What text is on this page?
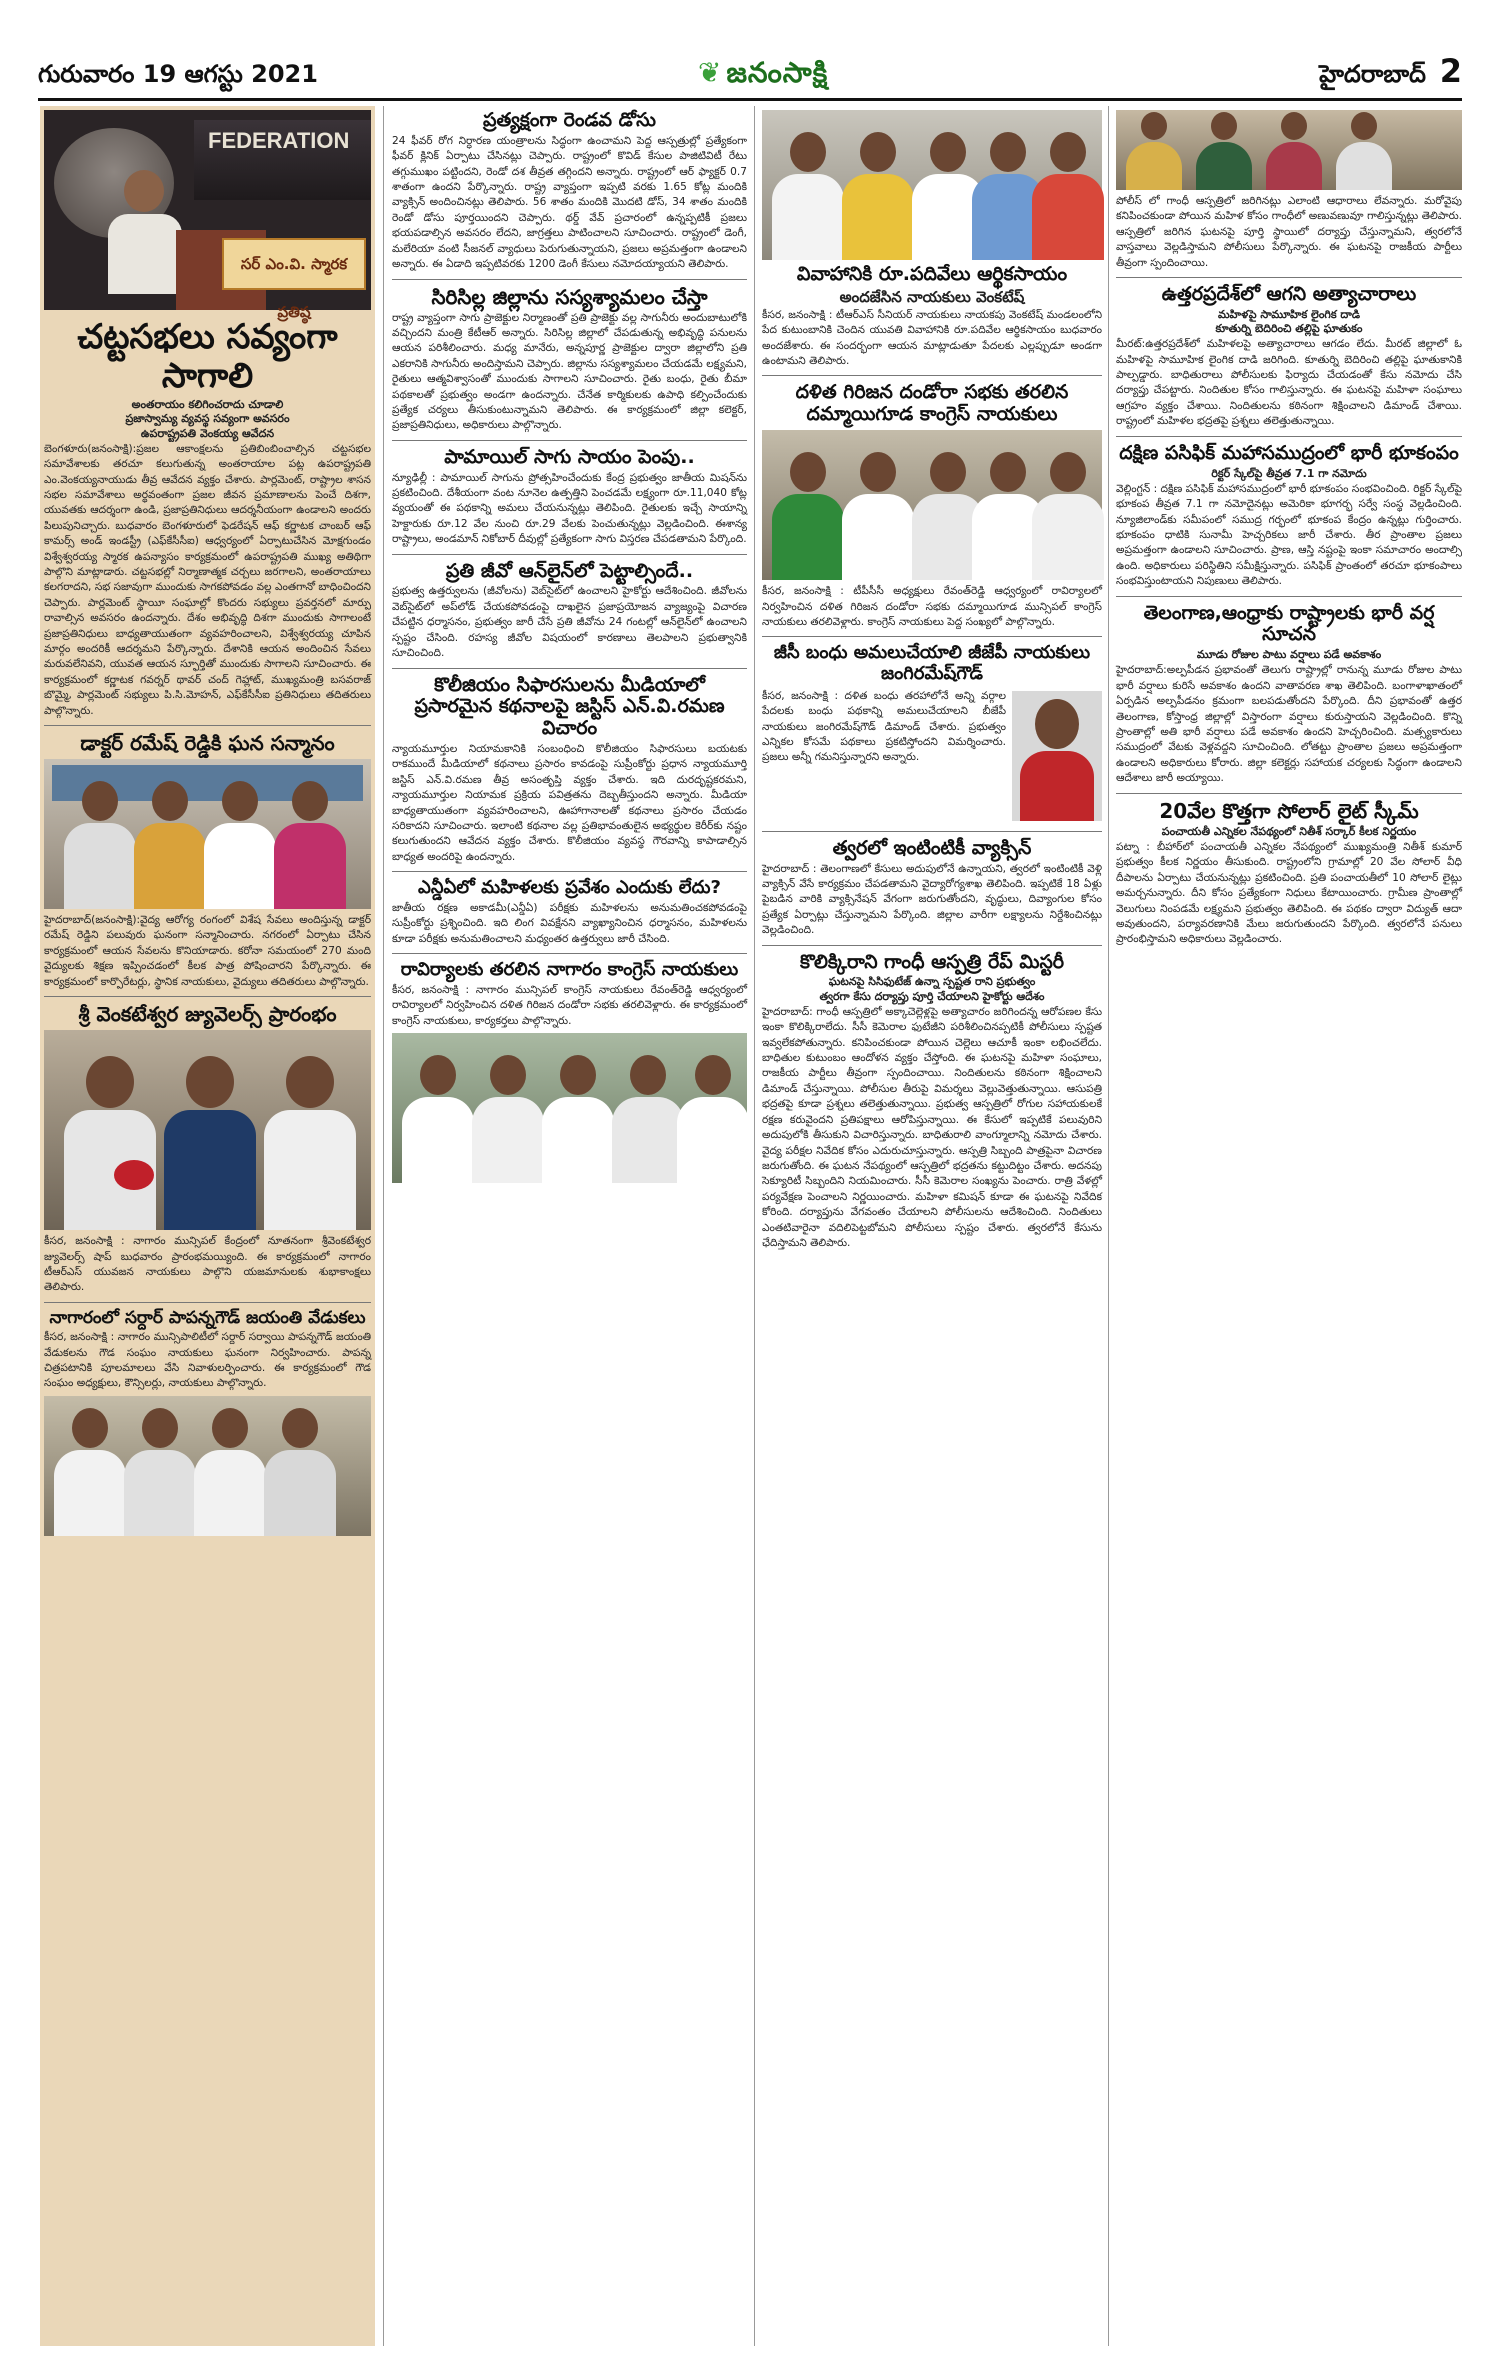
గురువారం 19 ఆగస్టు 2021	❦ జనంసాక్షి	హైదరాబాద్ 2
FEDERATION
సర్ ఎం.వి. స్మారక ప్రతిష్ఠ
చట్టసభలు సవ్యంగా సాగాలి
అంతరాయం కలిగించరాదు చూడాలి
ప్రజాస్వామ్య వ్యవస్థ సవ్యంగా అవసరం
ఉపరాష్ట్రపతి వెంకయ్య ఆవేదన
బెంగళూరు(జనంసాక్షి):ప్రజల ఆకాంక్షలను ప్రతిబింబించాల్సిన చట్టసభల సమావేశాలకు తరచూ కలుగుతున్న అంతరాయాల పట్ల ఉపరాష్ట్రపతి ఎం.వెంకయ్యనాయుడు తీవ్ర ఆవేదన వ్యక్తం చేశారు. పార్లమెంట్, రాష్ట్రాల శాసన సభల సమావేశాలు అర్థవంతంగా ప్రజల జీవన ప్రమాణాలను పెంచే దిశగా, యువతకు ఆదర్శంగా ఉండి, ప్రజాప్రతినిధులు ఆదర్శనీయంగా ఉండాలని అందరు పిలుపునిచ్చారు. బుధవారం బెంగళూరులో ఫెడరేషన్ ఆఫ్ కర్ణాటక చాంబర్ ఆఫ్ కామర్స్ అండ్ ఇండస్ట్రీ (ఎఫ్‌కేసీసీఐ) ఆధ్వర్యంలో ఏర్పాటుచేసిన మోక్షగుండం విశ్వేశ్వరయ్య స్మారక ఉపన్యాసం కార్యక్రమంలో ఉపరాష్ట్రపతి ముఖ్య అతిథిగా పాల్గొని మాట్లాడారు. చట్టసభల్లో నిర్మాణాత్మక చర్చలు జరగాలని, అంతరాయాలు కలగరాదని, సభ సజావుగా ముందుకు సాగకపోవడం వల్ల ఎంతగానో బాధించిందని చెప్పారు. పార్లమెంట్ స్థాయీ సంఘాల్లో కొందరు సభ్యులు ప్రవర్తనలో మార్పు రావాల్సిన అవసరం ఉందన్నారు. దేశం అభివృద్ధి దిశగా ముందుకు సాగాలంటే ప్రజాప్రతినిధులు బాధ్యతాయుతంగా వ్యవహరించాలని, విశ్వేశ్వరయ్య చూపిన మార్గం అందరికీ ఆదర్శమని పేర్కొన్నారు. దేశానికి ఆయన అందించిన సేవలు మరువలేనివని, యువత ఆయన స్ఫూర్తితో ముందుకు సాగాలని సూచించారు. ఈ కార్యక్రమంలో కర్ణాటక గవర్నర్ థావర్ చంద్ గెహ్లాట్, ముఖ్యమంత్రి బసవరాజ్ బొమ్మై, పార్లమెంట్ సభ్యులు పి.సి.మోహన్, ఎఫ్‌కేసీసీఐ ప్రతినిధులు తదితరులు పాల్గొన్నారు.
డాక్టర్ రమేష్ రెడ్డికి ఘన సన్మానం
హైదరాబాద్(జనంసాక్షి):వైద్య ఆరోగ్య రంగంలో విశేష సేవలు అందిస్తున్న డాక్టర్ రమేష్ రెడ్డిని పలువురు ఘనంగా సన్మానించారు. నగరంలో ఏర్పాటు చేసిన కార్యక్రమంలో ఆయన సేవలను కొనియాడారు. కరోనా సమయంలో 270 మంది వైద్యులకు శిక్షణ ఇప్పించడంలో కీలక పాత్ర పోషించారని పేర్కొన్నారు. ఈ కార్యక్రమంలో కార్పొరేటర్లు, స్థానిక నాయకులు, వైద్యులు తదితరులు పాల్గొన్నారు.
శ్రీ వెంకటేశ్వర జ్యువెలర్స్ ప్రారంభం
కీసర, జనంసాక్షి : నాగారం మున్సిపల్ కేంద్రంలో నూతనంగా శ్రీవెంకటేశ్వర జ్యువెలర్స్ షాప్ బుధవారం ప్రారంభమయ్యింది. ఈ కార్యక్రమంలో నాగారం టీఆర్ఎస్ యువజన నాయకులు పాల్గొని యజమానులకు శుభాకాంక్షలు తెలిపారు.
నాగారంలో సర్దార్ పాపన్నగౌడ్ జయంతి వేడుకలు
కీసర, జనంసాక్షి : నాగారం మున్సిపాలిటీలో సర్దార్ సర్వాయి పాపన్నగౌడ్ జయంతి వేడుకలను గౌడ సంఘం నాయకులు ఘనంగా నిర్వహించారు. పాపన్న చిత్రపటానికి పూలమాలలు వేసి నివాళులర్పించారు. ఈ కార్యక్రమంలో గౌడ సంఘం అధ్యక్షులు, కౌన్సిలర్లు, నాయకులు పాల్గొన్నారు.
ప్రత్యక్షంగా రెండవ డోసు
24 ఫీవర్ రోగ నిర్ధారణ యంత్రాలను సిద్ధంగా ఉంచామని పెద్ద ఆస్పత్రుల్లో ప్రత్యేకంగా ఫీవర్ క్లినిక్ ఏర్పాటు చేసినట్లు చెప్పారు. రాష్ట్రంలో కొవిడ్ కేసుల పాజిటివిటీ రేటు తగ్గుముఖం పట్టిందని, రెండో దశ తీవ్రత తగ్గిందని అన్నారు. రాష్ట్రంలో ఆర్ ఫ్యాక్టర్ 0.7 శాతంగా ఉందని పేర్కొన్నారు. రాష్ట్ర వ్యాప్తంగా ఇప్పటి వరకు 1.65 కోట్ల మందికి వ్యాక్సిన్ అందించినట్లు తెలిపారు. 56 శాతం మందికి మొదటి డోస్, 34 శాతం మందికి రెండో డోసు పూర్తయిందని చెప్పారు. థర్డ్ వేవ్ ప్రచారంలో ఉన్నప్పటికీ ప్రజలు భయపడాల్సిన అవసరం లేదని, జాగ్రత్తలు పాటించాలని సూచించారు. రాష్ట్రంలో డెంగీ, మలేరియా వంటి సీజనల్ వ్యాధులు పెరుగుతున్నాయని, ప్రజలు అప్రమత్తంగా ఉండాలని అన్నారు. ఈ ఏడాది ఇప్పటివరకు 1200 డెంగీ కేసులు నమోదయ్యాయని తెలిపారు.
సిరిసిల్ల జిల్లాను సస్యశ్యామలం చేస్తా
రాష్ట్ర వ్యాప్తంగా సాగు ప్రాజెక్టుల నిర్మాణంతో ప్రతి ప్రాజెక్టు వల్ల సాగునీరు అందుబాటులోకి వచ్చిందని మంత్రి కేటీఆర్ అన్నారు. సిరిసిల్ల జిల్లాలో చేపడుతున్న అభివృద్ధి పనులను ఆయన పరిశీలించారు. మధ్య మానేరు, అన్నపూర్ణ ప్రాజెక్టుల ద్వారా జిల్లాలోని ప్రతి ఎకరానికి సాగునీరు అందిస్తామని చెప్పారు. జిల్లాను సస్యశ్యామలం చేయడమే లక్ష్యమని, రైతులు ఆత్మవిశ్వాసంతో ముందుకు సాగాలని సూచించారు. రైతు బంధు, రైతు బీమా పథకాలతో ప్రభుత్వం అండగా ఉందన్నారు. చేనేత కార్మికులకు ఉపాధి కల్పించేందుకు ప్రత్యేక చర్యలు తీసుకుంటున్నామని తెలిపారు. ఈ కార్యక్రమంలో జిల్లా కలెక్టర్, ప్రజాప్రతినిధులు, అధికారులు పాల్గొన్నారు.
పామాయిల్ సాగు సాయం పెంపు..
న్యూఢిల్లీ : పామాయిల్ సాగును ప్రోత్సహించేందుకు కేంద్ర ప్రభుత్వం జాతీయ మిషన్‌ను ప్రకటించింది. దేశీయంగా వంట నూనెల ఉత్పత్తిని పెంచడమే లక్ష్యంగా రూ.11,040 కోట్ల వ్యయంతో ఈ పథకాన్ని అమలు చేయనున్నట్లు తెలిపింది. రైతులకు ఇచ్చే సాయాన్ని హెక్టారుకు రూ.12 వేల నుంచి రూ.29 వేలకు పెంచుతున్నట్లు వెల్లడించింది. ఈశాన్య రాష్ట్రాలు, అండమాన్ నికోబార్ దీవుల్లో ప్రత్యేకంగా సాగు విస్తరణ చేపడతామని పేర్కొంది.
ప్రతి జీవో ఆన్‌లైన్‌లో పెట్టాల్సిందే..
ప్రభుత్వ ఉత్తర్వులను (జీవోలను) వెబ్‌సైట్‌లో ఉంచాలని హైకోర్టు ఆదేశించింది. జీవోలను వెబ్‌సైట్‌లో అప్‌లోడ్ చేయకపోవడంపై దాఖలైన ప్రజాప్రయోజన వ్యాజ్యంపై విచారణ చేపట్టిన ధర్మాసనం, ప్రభుత్వం జారీ చేసే ప్రతి జీవోను 24 గంటల్లో ఆన్‌లైన్‌లో ఉంచాలని స్పష్టం చేసింది. రహస్య జీవోల విషయంలో కారణాలు తెలపాలని ప్రభుత్వానికి సూచించింది.
కొలీజియం సిఫారసులను మీడియాలో ప్రసారమైన కథనాలపై జస్టిస్ ఎన్.వి.రమణ విచారం
న్యాయమూర్తుల నియామకానికి సంబంధించి కొలీజియం సిఫారసులు బయటకు రాకముందే మీడియాలో కథనాలు ప్రసారం కావడంపై సుప్రీంకోర్టు ప్రధాన న్యాయమూర్తి జస్టిస్ ఎన్.వి.రమణ తీవ్ర అసంతృప్తి వ్యక్తం చేశారు. ఇది దురదృష్టకరమని, న్యాయమూర్తుల నియామక ప్రక్రియ పవిత్రతను దెబ్బతీస్తుందని అన్నారు. మీడియా బాధ్యతాయుతంగా వ్యవహరించాలని, ఊహాగానాలతో కథనాలు ప్రసారం చేయడం సరికాదని సూచించారు. ఇలాంటి కథనాల వల్ల ప్రతిభావంతులైన అభ్యర్థుల కెరీర్‌కు నష్టం కలుగుతుందని ఆవేదన వ్యక్తం చేశారు. కొలీజియం వ్యవస్థ గౌరవాన్ని కాపాడాల్సిన బాధ్యత అందరిపై ఉందన్నారు.
ఎన్డీఏలో మహిళలకు ప్రవేశం ఎందుకు లేదు?
జాతీయ రక్షణ అకాడమీ(ఎన్డీఏ) పరీక్షకు మహిళలను అనుమతించకపోవడంపై సుప్రీంకోర్టు ప్రశ్నించింది. ఇది లింగ వివక్షేనని వ్యాఖ్యానించిన ధర్మాసనం, మహిళలను కూడా పరీక్షకు అనుమతించాలని మధ్యంతర ఉత్తర్వులు జారీ చేసింది.
రావిర్యాలకు తరలిన నాగారం కాంగ్రెస్ నాయకులు
కీసర, జనంసాక్షి : నాగారం మున్సిపల్ కాంగ్రెస్ నాయకులు రేవంత్‌రెడ్డి ఆధ్వర్యంలో రావిర్యాలలో నిర్వహించిన దళిత గిరిజన దండోరా సభకు తరలివెళ్లారు. ఈ కార్యక్రమంలో కాంగ్రెస్ నాయకులు, కార్యకర్తలు పాల్గొన్నారు.
వివాహానికి రూ.పదివేలు ఆర్థికసాయం
అందజేసిన నాయకులు వెంకటేష్
కీసర, జనంసాక్షి : టీఆర్ఎస్ సీనియర్ నాయకులు నాయకపు వెంకటేష్ మండలంలోని పేద కుటుంబానికి చెందిన యువతి వివాహానికి రూ.పదివేల ఆర్థికసాయం బుధవారం అందజేశారు. ఈ సందర్భంగా ఆయన మాట్లాడుతూ పేదలకు ఎల్లప్పుడూ అండగా ఉంటామని తెలిపారు.
దళిత గిరిజన దండోరా సభకు తరలిన దమ్మాయిగూడ కాంగ్రెస్ నాయకులు
కీసర, జనంసాక్షి : టీపీసీసీ అధ్యక్షులు రేవంత్‌రెడ్డి ఆధ్వర్యంలో రావిర్యాలలో నిర్వహించిన దళిత గిరిజన దండోరా సభకు దమ్మాయిగూడ మున్సిపల్ కాంగ్రెస్ నాయకులు తరలివెళ్లారు. కాంగ్రెస్ నాయకులు పెద్ద సంఖ్యలో పాల్గొన్నారు.
జీసీ బంధు అమలుచేయాలి జీజేపీ నాయకులు జంగిరమేష్‌గౌడ్
కీసర, జనంసాక్షి : దళిత బంధు తరహాలోనే అన్ని వర్గాల పేదలకు బంధు పథకాన్ని అమలుచేయాలని బీజేపీ నాయకులు జంగిరమేష్‌గౌడ్ డిమాండ్ చేశారు. ప్రభుత్వం ఎన్నికల కోసమే పథకాలు ప్రకటిస్తోందని విమర్శించారు. ప్రజలు అన్నీ గమనిస్తున్నారని అన్నారు.
త్వరలో ఇంటింటికీ వ్యాక్సిన్
హైదరాబాద్ : తెలంగాణలో కేసులు అదుపులోనే ఉన్నాయని, త్వరలో ఇంటింటికీ వెళ్లి వ్యాక్సిన్ వేసే కార్యక్రమం చేపడతామని వైద్యారోగ్యశాఖ తెలిపింది. ఇప్పటికే 18 ఏళ్లు పైబడిన వారికి వ్యాక్సినేషన్ వేగంగా జరుగుతోందని, వృద్ధులు, దివ్యాంగుల కోసం ప్రత్యేక ఏర్పాట్లు చేస్తున్నామని పేర్కొంది. జిల్లాల వారీగా లక్ష్యాలను నిర్దేశించినట్లు వెల్లడించింది.
కొలిక్కిరాని గాంధీ ఆస్పత్రి రేప్ మిస్టరీ
ఘటనపై సిసిఫుటేజ్ ఉన్నా స్పష్టత రాని ప్రభుత్వం
త్వరగా కేసు దర్యాప్తు పూర్తి చేయాలని హైకోర్టు ఆదేశం
హైదరాబాద్: గాంధీ ఆస్పత్రిలో అక్కాచెల్లెళ్లపై అత్యాచారం జరిగిందన్న ఆరోపణల కేసు ఇంకా కొలిక్కిరాలేదు. సీసీ కెమెరాల ఫుటేజీని పరిశీలించినప్పటికీ పోలీసులు స్పష్టత ఇవ్వలేకపోతున్నారు. కనిపించకుండా పోయిన చెల్లెలు ఆచూకీ ఇంకా లభించలేదు. బాధితుల కుటుంబం ఆందోళన వ్యక్తం చేస్తోంది. ఈ ఘటనపై మహిళా సంఘాలు, రాజకీయ పార్టీలు తీవ్రంగా స్పందించాయి. నిందితులను కఠినంగా శిక్షించాలని డిమాండ్ చేస్తున్నాయి. పోలీసుల తీరుపై విమర్శలు వెల్లువెత్తుతున్నాయి. ఆసుపత్రి భద్రతపై కూడా ప్రశ్నలు తలెత్తుతున్నాయి. ప్రభుత్వ ఆస్పత్రిలో రోగుల సహాయకులకే రక్షణ కరువైందని ప్రతిపక్షాలు ఆరోపిస్తున్నాయి. ఈ కేసులో ఇప్పటికే పలువురిని అదుపులోకి తీసుకుని విచారిస్తున్నారు. బాధితురాలి వాంగ్మూలాన్ని నమోదు చేశారు. వైద్య పరీక్షల నివేదిక కోసం ఎదురుచూస్తున్నారు. ఆస్పత్రి సిబ్బంది పాత్రపైనా విచారణ జరుగుతోంది. ఈ ఘటన నేపథ్యంలో ఆస్పత్రిలో భద్రతను కట్టుదిట్టం చేశారు. అదనపు సెక్యూరిటీ సిబ్బందిని నియమించారు. సీసీ కెమెరాల సంఖ్యను పెంచారు. రాత్రి వేళల్లో పర్యవేక్షణ పెంచాలని నిర్ణయించారు. మహిళా కమిషన్ కూడా ఈ ఘటనపై నివేదిక కోరింది. దర్యాప్తును వేగవంతం చేయాలని పోలీసులను ఆదేశించింది. నిందితులు ఎంతటివారైనా వదిలిపెట్టబోమని పోలీసులు స్పష్టం చేశారు. త్వరలోనే కేసును ఛేదిస్తామని తెలిపారు.
పోలీస్ లో గాంధీ ఆస్పత్రిలో జరిగినట్లు ఎలాంటి ఆధారాలు లేవన్నారు. మరోవైపు కనిపించకుండా పోయిన మహిళ కోసం గాంధీలో అణువణువూ గాలిస్తున్నట్లు తెలిపారు. ఆస్పత్రిలో జరిగిన ఘటనపై పూర్తి స్థాయిలో దర్యాప్తు చేస్తున్నామని, త్వరలోనే వాస్తవాలు వెల్లడిస్తామని పోలీసులు పేర్కొన్నారు. ఈ ఘటనపై రాజకీయ పార్టీలు తీవ్రంగా స్పందించాయి.
ఉత్తరప్రదేశ్‌లో ఆగని అత్యాచారాలు
మహిళపై సామూహిక లైంగిక దాడి
కూతుర్ని బెదిరించి తల్లిపై ఘాతుకం
మీరట్:ఉత్తరప్రదేశ్‌లో మహిళలపై అత్యాచారాలు ఆగడం లేదు. మీరట్ జిల్లాలో ఓ మహిళపై సామూహిక లైంగిక దాడి జరిగింది. కూతుర్ని బెదిరించి తల్లిపై ఘాతుకానికి పాల్పడ్డారు. బాధితురాలు పోలీసులకు ఫిర్యాదు చేయడంతో కేసు నమోదు చేసి దర్యాప్తు చేపట్టారు. నిందితుల కోసం గాలిస్తున్నారు. ఈ ఘటనపై మహిళా సంఘాలు ఆగ్రహం వ్యక్తం చేశాయి. నిందితులను కఠినంగా శిక్షించాలని డిమాండ్ చేశాయి. రాష్ట్రంలో మహిళల భద్రతపై ప్రశ్నలు తలెత్తుతున్నాయి.
దక్షిణ పసిఫిక్ మహాసముద్రంలో భారీ భూకంపం
రిక్టర్ స్కేల్‌పై తీవ్రత 7.1 గా నమోదు
వెల్లింగ్టన్ : దక్షిణ పసిఫిక్ మహాసముద్రంలో భారీ భూకంపం సంభవించింది. రిక్టర్ స్కేల్‌పై భూకంప తీవ్రత 7.1 గా నమోదైనట్లు అమెరికా భూగర్భ సర్వే సంస్థ వెల్లడించింది. న్యూజిలాండ్‌కు సమీపంలో సముద్ర గర్భంలో భూకంప కేంద్రం ఉన్నట్లు గుర్తించారు. భూకంపం ధాటికి సునామీ హెచ్చరికలు జారీ చేశారు. తీర ప్రాంతాల ప్రజలు అప్రమత్తంగా ఉండాలని సూచించారు. ప్రాణ, ఆస్తి నష్టంపై ఇంకా సమాచారం అందాల్సి ఉంది. అధికారులు పరిస్థితిని సమీక్షిస్తున్నారు. పసిఫిక్ ప్రాంతంలో తరచూ భూకంపాలు సంభవిస్తుంటాయని నిపుణులు తెలిపారు.
తెలంగాణ,ఆంధ్రాకు రాష్ట్రాలకు భారీ వర్ష సూచన
మూడు రోజుల పాటు వర్షాలు పడే అవకాశం
హైదరాబాద్:అల్పపీడన ప్రభావంతో తెలుగు రాష్ట్రాల్లో రానున్న మూడు రోజుల పాటు భారీ వర్షాలు కురిసే అవకాశం ఉందని వాతావరణ శాఖ తెలిపింది. బంగాళాఖాతంలో ఏర్పడిన అల్పపీడనం క్రమంగా బలపడుతోందని పేర్కొంది. దీని ప్రభావంతో ఉత్తర తెలంగాణ, కోస్తాంధ్ర జిల్లాల్లో విస్తారంగా వర్షాలు కురుస్తాయని వెల్లడించింది. కొన్ని ప్రాంతాల్లో అతి భారీ వర్షాలు పడే అవకాశం ఉందని హెచ్చరించింది. మత్స్యకారులు సముద్రంలో వేటకు వెళ్లవద్దని సూచించింది. లోతట్టు ప్రాంతాల ప్రజలు అప్రమత్తంగా ఉండాలని అధికారులు కోరారు. జిల్లా కలెక్టర్లు సహాయక చర్యలకు సిద్ధంగా ఉండాలని ఆదేశాలు జారీ అయ్యాయి.
20వేల కొత్తగా సోలార్ లైట్ స్కీమ్
పంచాయతీ ఎన్నికల నేపథ్యంలో నితీశ్ సర్కార్ కీలక నిర్ణయం
పట్నా : బీహార్‌లో పంచాయతీ ఎన్నికల నేపథ్యంలో ముఖ్యమంత్రి నితీశ్ కుమార్ ప్రభుత్వం కీలక నిర్ణయం తీసుకుంది. రాష్ట్రంలోని గ్రామాల్లో 20 వేల సోలార్ వీధి దీపాలను ఏర్పాటు చేయనున్నట్లు ప్రకటించింది. ప్రతి పంచాయతీలో 10 సోలార్ లైట్లు అమర్చనున్నారు. దీని కోసం ప్రత్యేకంగా నిధులు కేటాయించారు. గ్రామీణ ప్రాంతాల్లో వెలుగులు నింపడమే లక్ష్యమని ప్రభుత్వం తెలిపింది. ఈ పథకం ద్వారా విద్యుత్ ఆదా అవుతుందని, పర్యావరణానికి మేలు జరుగుతుందని పేర్కొంది. త్వరలోనే పనులు ప్రారంభిస్తామని అధికారులు వెల్లడించారు.
